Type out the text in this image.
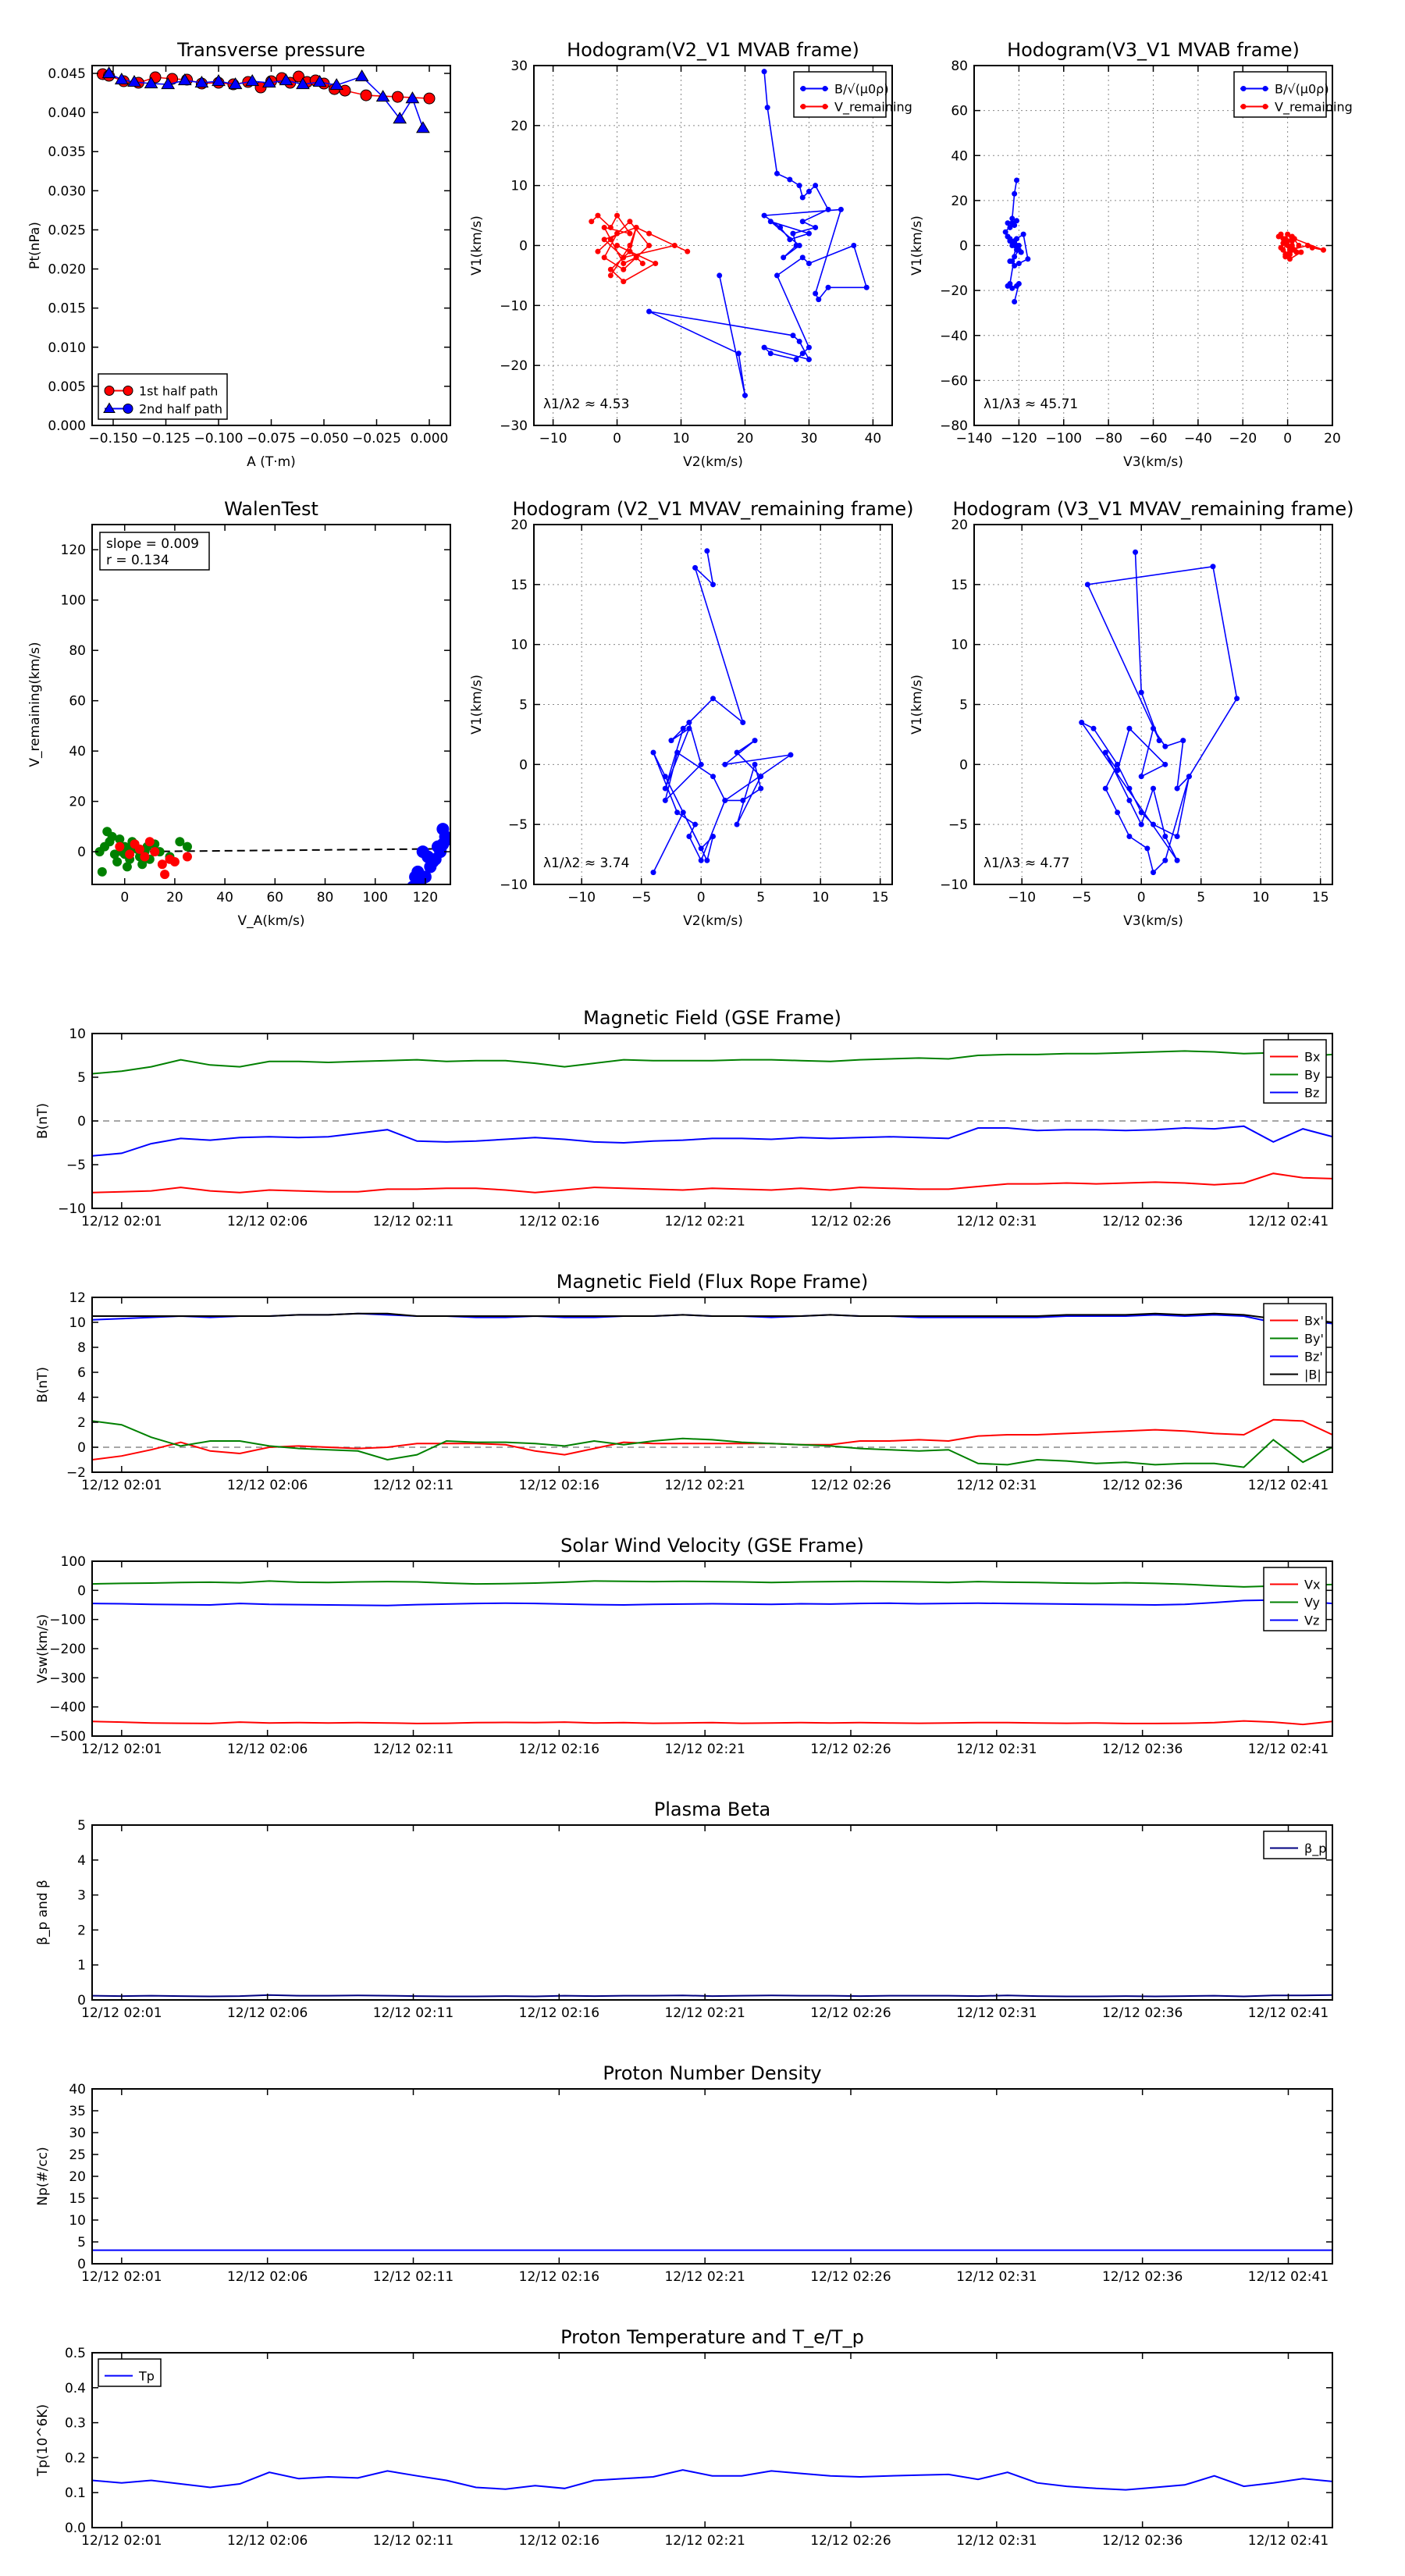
−0.150 −0.125 −0.100 −0.075 −0.050 −0.025 0.000
0.000
0.005
0.010
0.015
0.020
0.025
0.030
0.035
0.040
0.045
Transverse pressure
A (T·m)
Pt(nPa)
1st half path
2nd half path
−10	0	10	20	30	40
−30
−20
−10
0
10
20
30
Hodogram(V2_V1 MVAB frame)
V2(km/s)
V1(km/s)
λ1/λ2 ≈ 4.53
B/√(μ0ρ)
V_remaining
−140 −120 −100 −80 −60 −40 −20 0 20
−80
−60
−40
−20
0
20
40
60
80
Hodogram(V3_V1 MVAB frame)
V3(km/s)
V1(km/s)
λ1/λ3 ≈ 45.71
B/√(μ0ρ)
V_remaining
0	20	40	60	80 100 120
0
20
40
60
80
100
120
WalenTest
V_A(km/s)
V_remaining(km/s)
slope = 0.009
r = 0.134
−10	−5	0	5	10	15
−10
−5
0
5
10
15
20
Hodogram (V2_V1 MVAV_remaining frame)
V2(km/s)
V1(km/s)
λ1/λ2 ≈ 3.74
−10	−5	0	5	10	15
−10
−5
0
5
10
15
20
Hodogram (V3_V1 MVAV_remaining frame)
V3(km/s)
V1(km/s)
λ1/λ3 ≈ 4.77
12/12 02:01	12/12 02:06	12/12 02:11	12/12 02:16	12/12 02:21	12/12 02:26	12/12 02:31	12/12 02:36	12/12 02:41
−10
−5
0
5
10
Magnetic Field (GSE Frame)
B(nT)
Bx
By
Bz
12/12 02:01	12/12 02:06	12/12 02:11	12/12 02:16	12/12 02:21	12/12 02:26	12/12 02:31	12/12 02:36	12/12 02:41
−2
0
2
4
6
8
10
12
Magnetic Field (Flux Rope Frame)
B(nT)
Bx'
By'
Bz'
|B|
12/12 02:01	12/12 02:06	12/12 02:11	12/12 02:16	12/12 02:21	12/12 02:26	12/12 02:31	12/12 02:36	12/12 02:41
−500
−400
−300
−200
−100
0
100
Solar Wind Velocity (GSE Frame)
Vsw(km/s)
Vx
Vy
Vz
12/12 02:01	12/12 02:06	12/12 02:11	12/12 02:16	12/12 02:21	12/12 02:26	12/12 02:31	12/12 02:36	12/12 02:41
0
1
2
3
4
5
Plasma Beta
β_p and β
β_p
12/12 02:01	12/12 02:06	12/12 02:11	12/12 02:16	12/12 02:21	12/12 02:26	12/12 02:31	12/12 02:36	12/12 02:41
0
5
10
15
20
25
30
35
40
Proton Number Density
Np(#/cc)
12/12 02:01	12/12 02:06	12/12 02:11	12/12 02:16	12/12 02:21	12/12 02:26	12/12 02:31	12/12 02:36	12/12 02:41
0.0
0.1
0.2
0.3
0.4
0.5
Proton Temperature and T_e/T_p
Tp(10^6K)
Tp
